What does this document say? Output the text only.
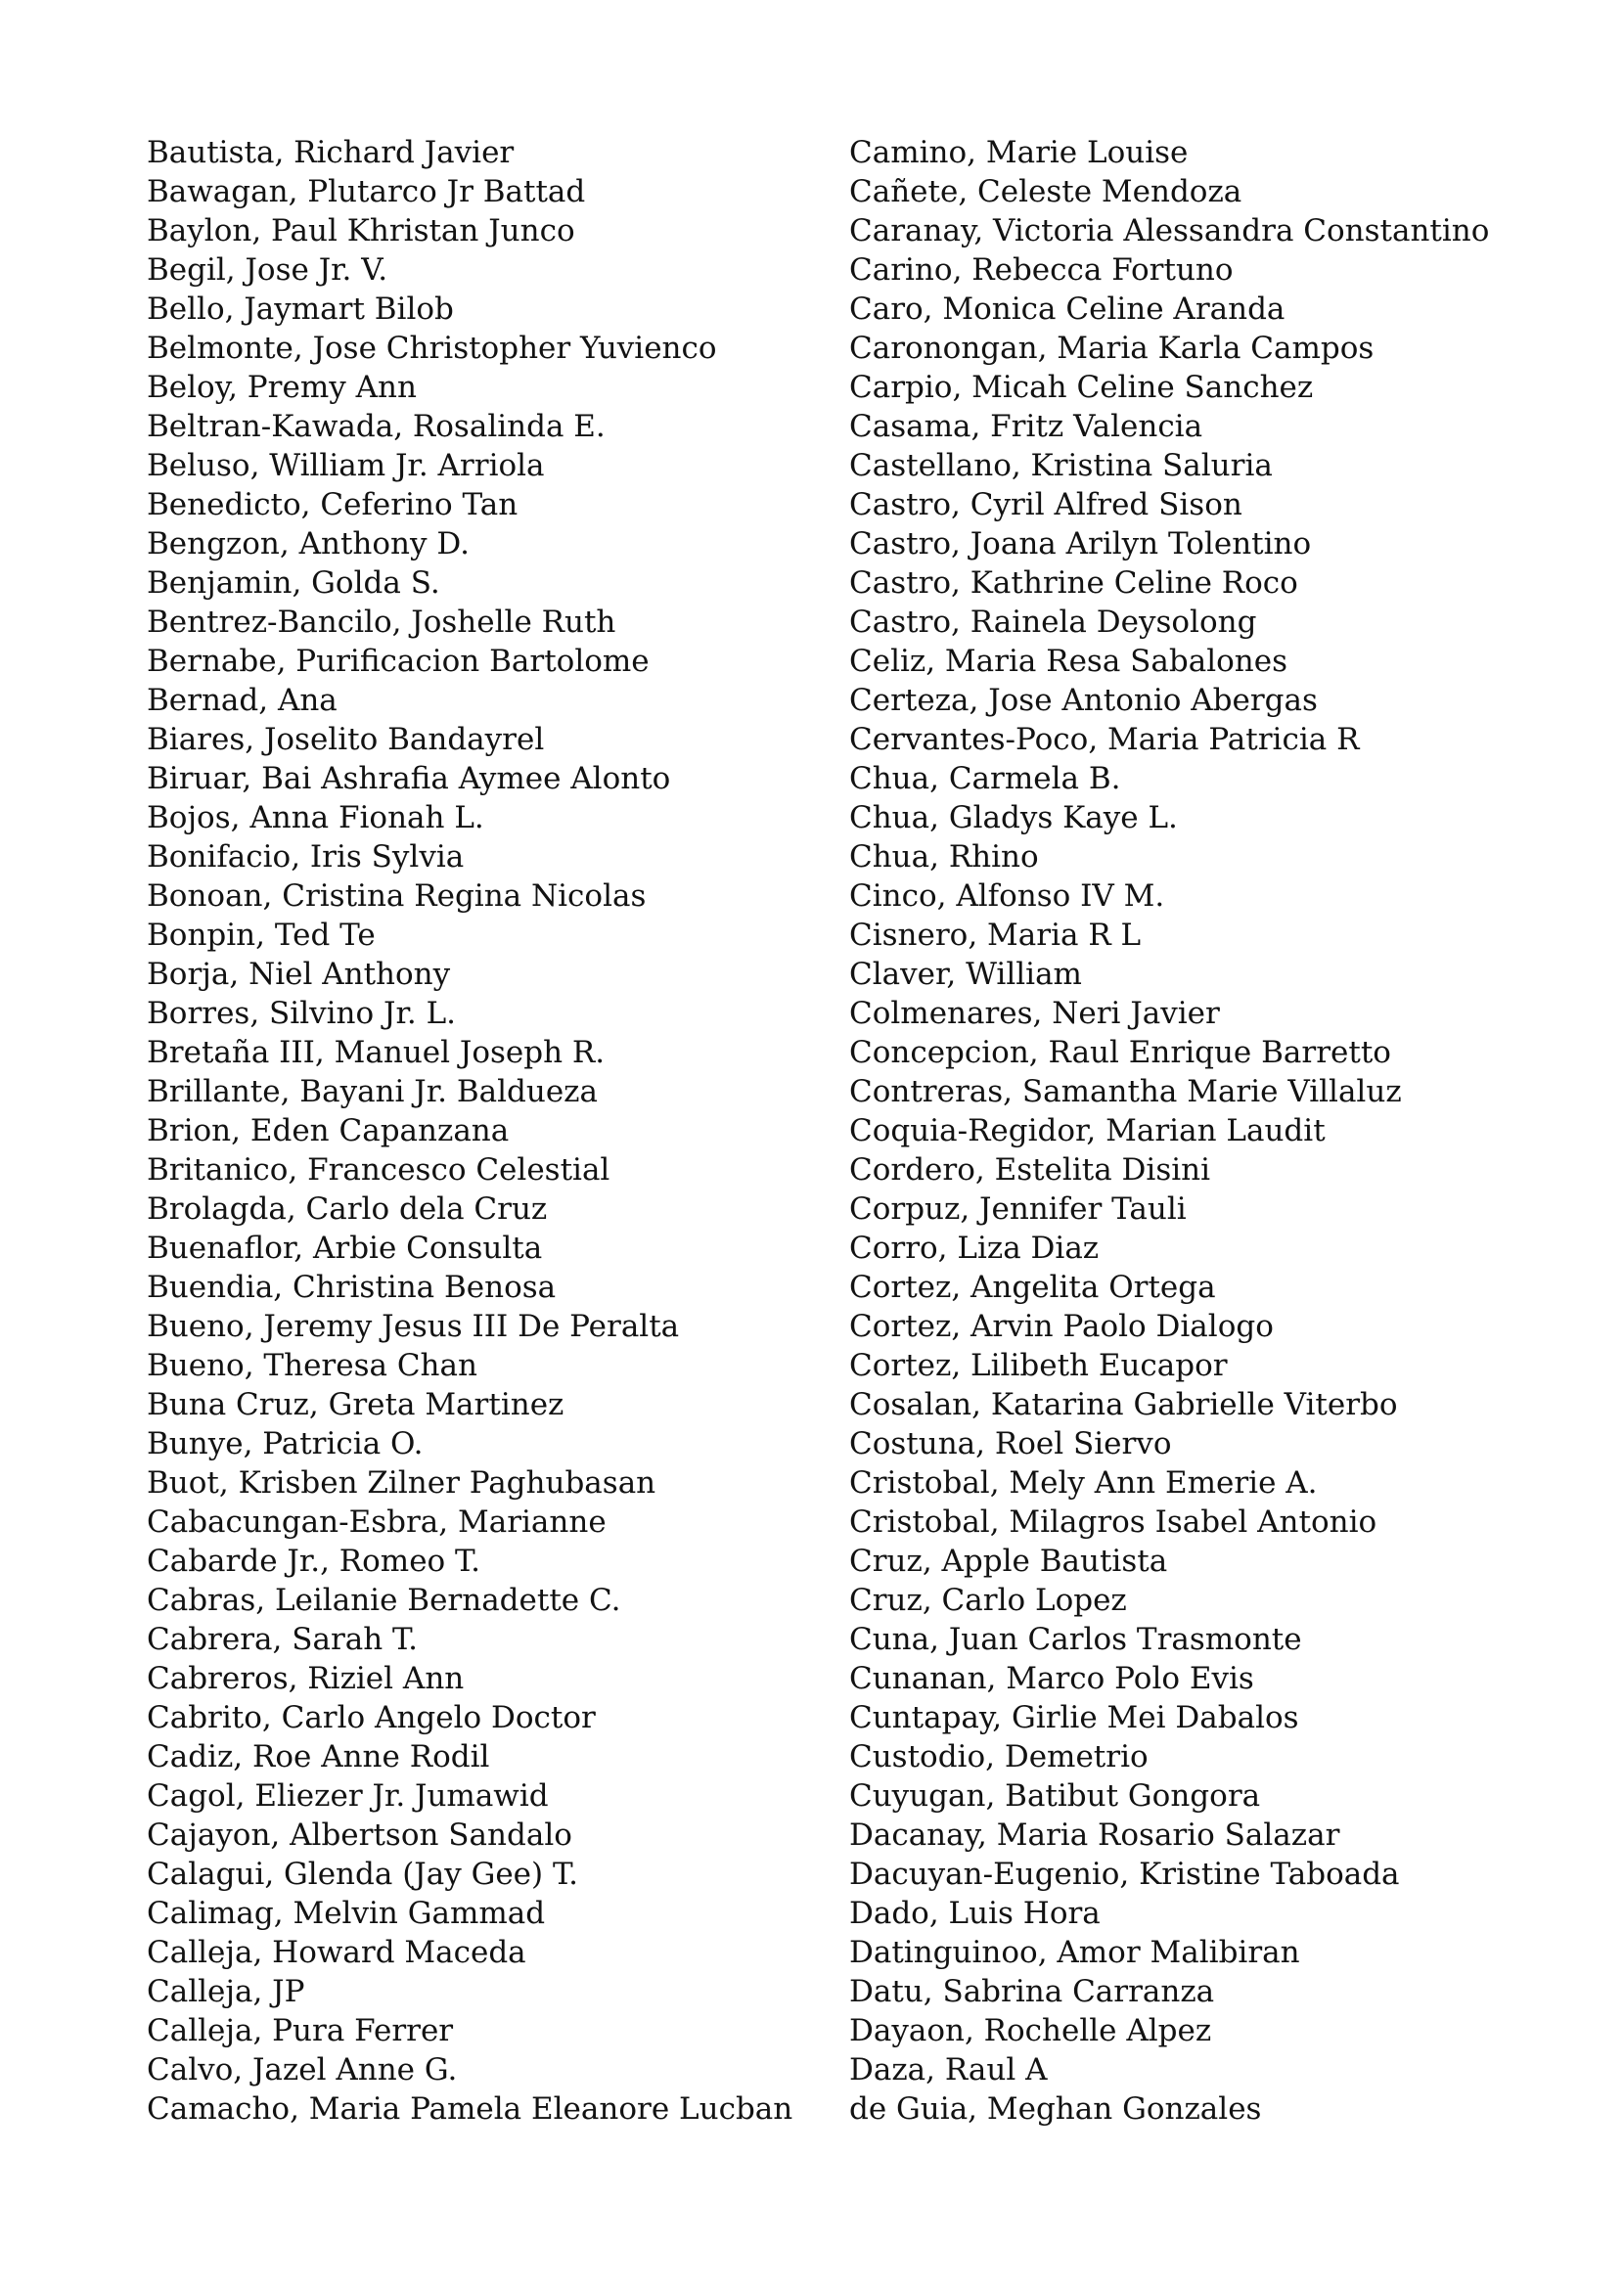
Bautista, Richard Javier
Bawagan, Plutarco Jr Battad
Baylon, Paul Khristan Junco
Begil, Jose Jr. V.
Bello, Jaymart Bilob
Belmonte, Jose Christopher Yuvienco
Beloy, Premy Ann
Beltran-Kawada, Rosalinda E.
Beluso, William Jr. Arriola
Benedicto, Ceferino Tan
Bengzon, Anthony D.
Benjamin, Golda S.
Bentrez-Bancilo, Joshelle Ruth
Bernabe, Purificacion Bartolome
Bernad, Ana
Biares, Joselito Bandayrel
Biruar, Bai Ashrafia Aymee Alonto
Bojos, Anna Fionah L.
Bonifacio, Iris Sylvia
Bonoan, Cristina Regina Nicolas
Bonpin, Ted Te
Borja, Niel Anthony
Borres, Silvino Jr. L.
Bretaña III, Manuel Joseph R.
Brillante, Bayani Jr. Baldueza
Brion, Eden Capanzana
Britanico, Francesco Celestial
Brolagda, Carlo dela Cruz
Buenaflor, Arbie Consulta
Buendia, Christina Benosa
Bueno, Jeremy Jesus III De Peralta
Bueno, Theresa Chan
Buna Cruz, Greta Martinez
Bunye, Patricia O.
Buot, Krisben Zilner Paghubasan
Cabacungan-Esbra, Marianne
Cabarde Jr., Romeo T.
Cabras, Leilanie Bernadette C.
Cabrera, Sarah T.
Cabreros, Riziel Ann
Cabrito, Carlo Angelo Doctor
Cadiz, Roe Anne Rodil
Cagol, Eliezer Jr. Jumawid
Cajayon, Albertson Sandalo
Calagui, Glenda (Jay Gee) T.
Calimag, Melvin Gammad
Calleja, Howard Maceda
Calleja, JP
Calleja, Pura Ferrer
Calvo, Jazel Anne G.
Camacho, Maria Pamela Eleanore Lucban
Camino, Marie Louise
Cañete, Celeste Mendoza
Caranay, Victoria Alessandra Constantino
Carino, Rebecca Fortuno
Caro, Monica Celine Aranda
Caronongan, Maria Karla Campos
Carpio, Micah Celine Sanchez
Casama, Fritz Valencia
Castellano, Kristina Saluria
Castro, Cyril Alfred Sison
Castro, Joana Arilyn Tolentino
Castro, Kathrine Celine Roco
Castro, Rainela Deysolong
Celiz, Maria Resa Sabalones
Certeza, Jose Antonio Abergas
Cervantes-Poco, Maria Patricia R
Chua, Carmela B.
Chua, Gladys Kaye L.
Chua, Rhino
Cinco, Alfonso IV M.
Cisnero, Maria R L
Claver, William
Colmenares, Neri Javier
Concepcion, Raul Enrique Barretto
Contreras, Samantha Marie Villaluz
Coquia-Regidor, Marian Laudit
Cordero, Estelita Disini
Corpuz, Jennifer Tauli
Corro, Liza Diaz
Cortez, Angelita Ortega
Cortez, Arvin Paolo Dialogo
Cortez, Lilibeth Eucapor
Cosalan, Katarina Gabrielle Viterbo
Costuna, Roel Siervo
Cristobal, Mely Ann Emerie A.
Cristobal, Milagros Isabel Antonio
Cruz, Apple Bautista
Cruz, Carlo Lopez
Cuna, Juan Carlos Trasmonte
Cunanan, Marco Polo Evis
Cuntapay, Girlie Mei Dabalos
Custodio, Demetrio
Cuyugan, Batibut Gongora
Dacanay, Maria Rosario Salazar
Dacuyan-Eugenio, Kristine Taboada
Dado, Luis Hora
Datinguinoo, Amor Malibiran
Datu, Sabrina Carranza
Dayaon, Rochelle Alpez
Daza, Raul A
de Guia, Meghan Gonzales
